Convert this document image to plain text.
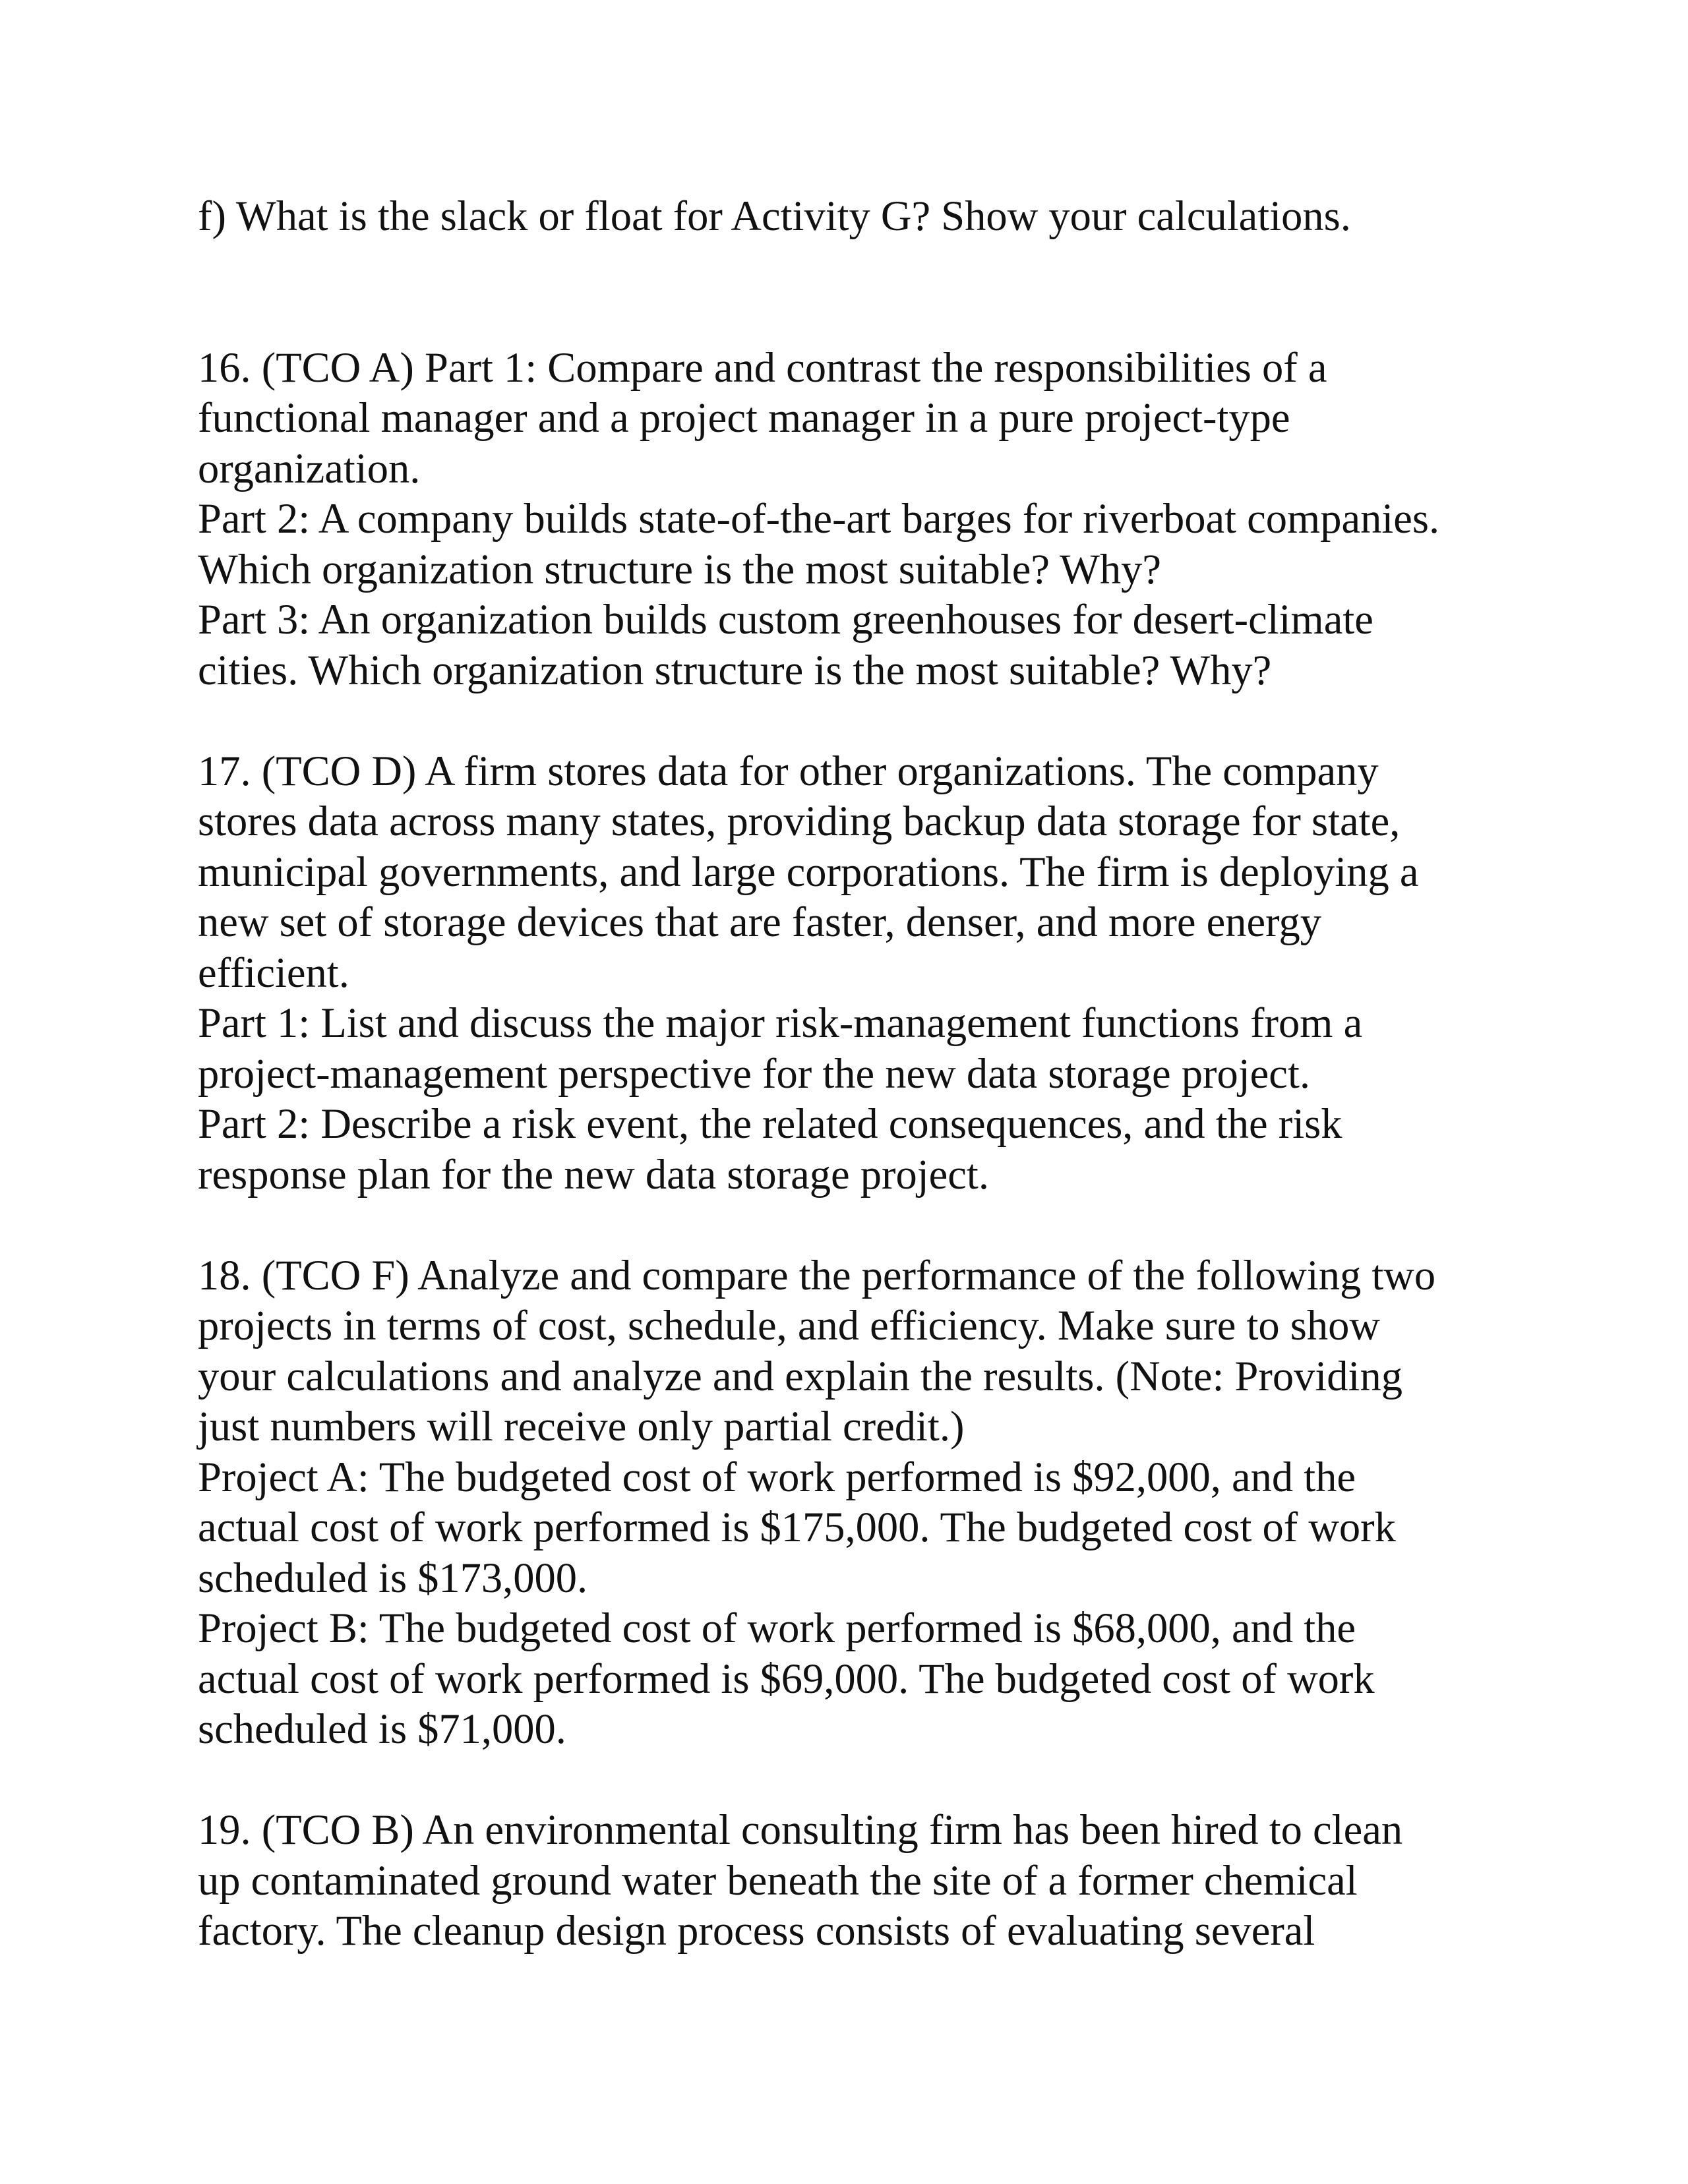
f) What is the slack or float for Activity G? Show your calculations.
16. (TCO A) Part 1: Compare and contrast the responsibilities of a
functional manager and a project manager in a pure project-type
organization.
Part 2: A company builds state-of-the-art barges for riverboat companies.
Which organization structure is the most suitable? Why?
Part 3: An organization builds custom greenhouses for desert-climate
cities. Which organization structure is the most suitable? Why?
17. (TCO D) A firm stores data for other organizations. The company
stores data across many states, providing backup data storage for state,
municipal governments, and large corporations. The firm is deploying a
new set of storage devices that are faster, denser, and more energy
efficient.
Part 1: List and discuss the major risk-management functions from a
project-management perspective for the new data storage project.
Part 2: Describe a risk event, the related consequences, and the risk
response plan for the new data storage project.
18. (TCO F) Analyze and compare the performance of the following two
projects in terms of cost, schedule, and efficiency. Make sure to show
your calculations and analyze and explain the results. (Note: Providing
just numbers will receive only partial credit.)
Project A: The budgeted cost of work performed is $92,000, and the
actual cost of work performed is $175,000. The budgeted cost of work
scheduled is $173,000.
Project B: The budgeted cost of work performed is $68,000, and the
actual cost of work performed is $69,000. The budgeted cost of work
scheduled is $71,000.
19. (TCO B) An environmental consulting firm has been hired to clean
up contaminated ground water beneath the site of a former chemical
factory. The cleanup design process consists of evaluating several
